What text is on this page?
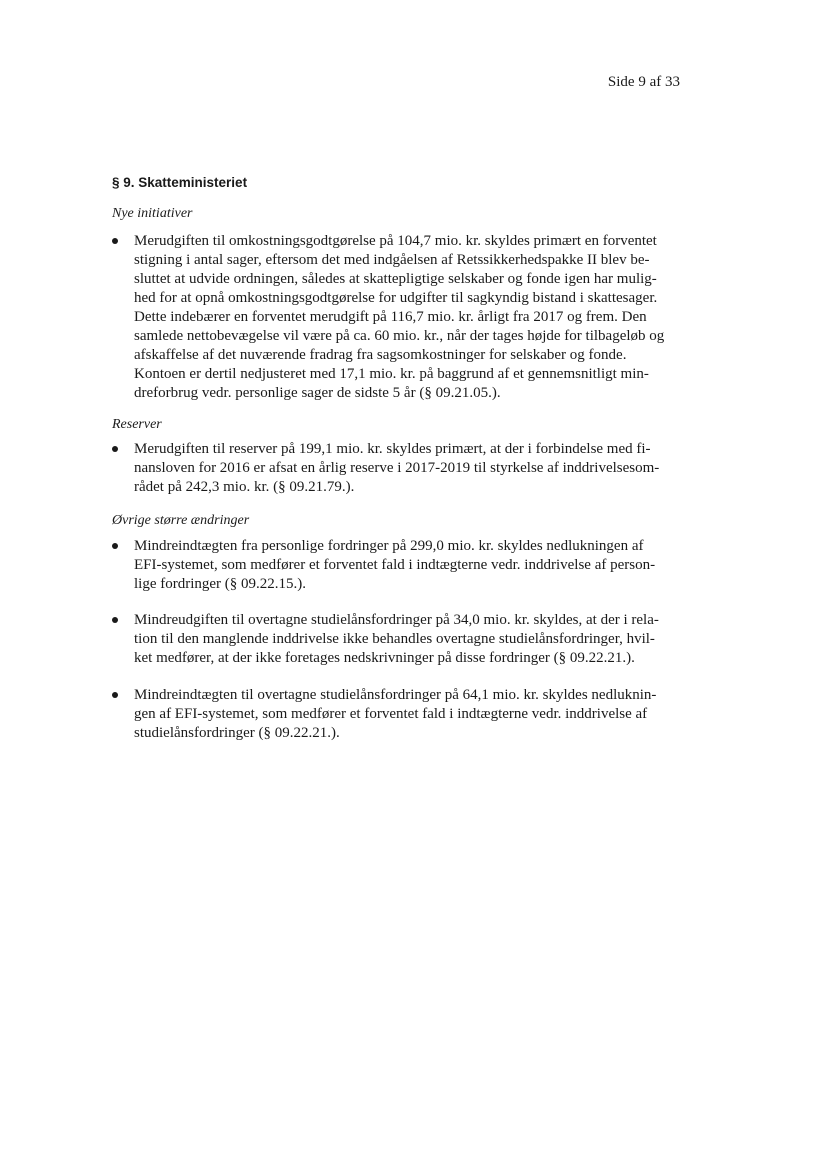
Side 9 af 33
§ 9. Skatteministeriet
Nye initiativer
Merudgiften til omkostningsgodtgørelse på 104,7 mio. kr. skyldes primært en forventet
stigning i antal sager, eftersom det med indgåelsen af Retssikkerhedspakke II blev be-
sluttet at udvide ordningen, således at skattepligtige selskaber og fonde igen har mulig-
hed for at opnå omkostningsgodtgørelse for udgifter til sagkyndig bistand i skattesager.
Dette indebærer en forventet merudgift på 116,7 mio. kr. årligt fra 2017 og frem. Den
samlede nettobevægelse vil være på ca. 60 mio. kr., når der tages højde for tilbageløb og
afskaffelse af det nuværende fradrag fra sagsomkostninger for selskaber og fonde.
Kontoen er dertil nedjusteret med 17,1 mio. kr. på baggrund af et gennemsnitligt min-
dreforbrug vedr. personlige sager de sidste 5 år (§ 09.21.05.).
Reserver
Merudgiften til reserver på 199,1 mio. kr. skyldes primært, at der i forbindelse med fi-
nansloven for 2016 er afsat en årlig reserve i 2017-2019 til styrkelse af inddrivelsesom-
rådet på 242,3 mio. kr. (§ 09.21.79.).
Øvrige større ændringer
Mindreindtægten fra personlige fordringer på 299,0 mio. kr. skyldes nedlukningen af
EFI-systemet, som medfører et forventet fald i indtægterne vedr. inddrivelse af person-
lige fordringer (§ 09.22.15.).
Mindreudgiften til overtagne studielånsfordringer på 34,0 mio. kr. skyldes, at der i rela-
tion til den manglende inddrivelse ikke behandles overtagne studielånsfordringer, hvil-
ket medfører, at der ikke foretages nedskrivninger på disse fordringer (§ 09.22.21.).
Mindreindtægten til overtagne studielånsfordringer på 64,1 mio. kr. skyldes nedluknin-
gen af EFI-systemet, som medfører et forventet fald i indtægterne vedr. inddrivelse af
studielånsfordringer (§ 09.22.21.).
